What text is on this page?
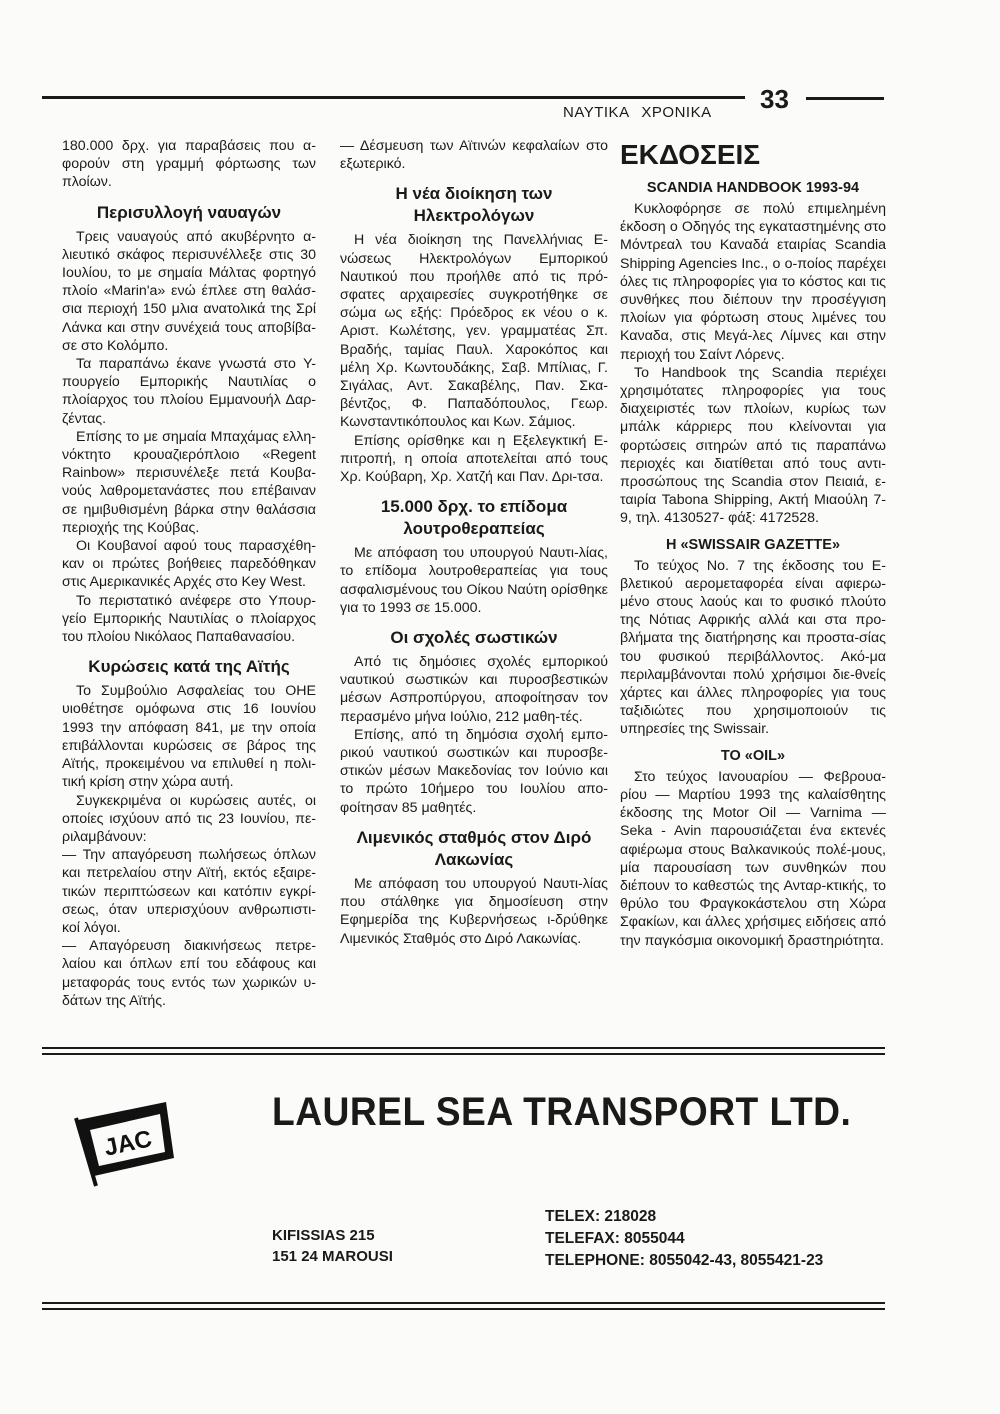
33
ΝΑΥΤΙΚΑ ΧΡΟΝΙΚΑ

180.000 δρχ. για παραβάσεις που α-φορούν στη γραμμή φόρτωσης των πλοίων.

Περισυλλογή ναυαγών

Τρεις ναυαγούς από ακυβέρνητο α-λιευτικό σκάφος περισυνέλλεξε στις 30 Ιουλίου, το με σημαία Μάλτας φορτηγό πλοίο «Marin'a» ενώ έπλεε στη θαλάσ-σια περιοχή 150 μλια ανατολικά της Σρί Λάνκα και στην συνέχειά τους αποβίβα-σε στο Κολόμπο.

Τα παραπάνω έκανε γνωστά στο Υ-πουργείο Εμπορικής Ναυτιλίας ο πλοίαρχος του πλοίου Εμμανουήλ Δαρ-ζέντας.

Επίσης το με σημαία Μπαχάμας ελλη-νόκτητο κρουαζιερόπλοιο «Regent Rainbow» περισυνέλεξε πετά Κουβα-νούς λαθρομετανάστες που επέβαιναν σε ημιβυθισμένη βάρκα στην θαλάσσια περιοχής της Κούβας.

Οι Κουβανοί αφού τους παρασχέθη-καν οι πρώτες βοήθειες παρεδόθηκαν στις Αμερικανικές Αρχές στο Key West.

Το περιστατικό ανέφερε στο Υπουρ-γείο Εμπορικής Ναυτιλίας ο πλοίαρχος του πλοίου Νικόλαος Παπαθανασίου.

Κυρώσεις κατά της Αϊτής

Το Συμβούλιο Ασφαλείας του ΟΗΕ υιοθέτησε ομόφωνα στις 16 Ιουνίου 1993 την απόφαση 841, με την οποία επιβάλλονται κυρώσεις σε βάρος της Αϊτής, προκειμένου να επιλυθεί η πολι-τική κρίση στην χώρα αυτή.

Συγκεκριμένα οι κυρώσεις αυτές, οι οποίες ισχύουν από τις 23 Ιουνίου, πε-ριλαμβάνουν:

— Την απαγόρευση πωλήσεως όπλων και πετρελαίου στην Αϊτή, εκτός εξαιρε-τικών περιπτώσεων και κατόπιν εγκρί-σεως, όταν υπερισχύουν ανθρωπιστι-κοί λόγοι.

— Απαγόρευση διακινήσεως πετρε-λαίου και όπλων επί του εδάφους και μεταφοράς τους εντός των χωρικών υ-δάτων της Αϊτής.

— Δέσμευση των Αϊτινών κεφαλαίων στο εξωτερικό.

Η νέα διοίκηση των Ηλεκτρολόγων

Η νέα διοίκηση της Πανελλήνιας Ε-νώσεως Ηλεκτρολόγων Εμπορικού Ναυτικού που προήλθε από τις πρό-σφατες αρχαιρεσίες συγκροτήθηκε σε σώμα ως εξής: Πρόεδρος εκ νέου ο κ. Αριστ. Κωλέτσης, γεν. γραμματέας Σπ. Βραδής, ταμίας Παυλ. Χαροκόπος και μέλη Χρ. Κωντουδάκης, Σαβ. Μπίλιας, Γ. Σιγάλας, Αντ. Σακαβέλης, Παν. Σκα-βέντζος, Φ. Παπαδόπουλος, Γεωρ. Κωνσταντικόπουλος και Κων. Σάμιος.

Επίσης ορίσθηκε και η Εξελεγκτική Ε-πιτροπή, η οποία αποτελείται από τους Χρ. Κούβαρη, Χρ. Χατζή και Παν. Δρι-τσα.

15.000 δρχ. το επίδομα λουτροθεραπείας

Με απόφαση του υπουργού Ναυτι-λίας, το επίδομα λουτροθεραπείας για τους ασφαλισμένους του Οίκου Ναύτη ορίσθηκε για το 1993 σε 15.000.

Οι σχολές σωστικών

Από τις δημόσιες σχολές εμπορικού ναυτικού σωστικών και πυροσβεστικών μέσων Ασπροπύργου, αποφοίτησαν τον περασμένο μήνα Ιούλιο, 212 μαθη-τές.

Επίσης, από τη δημόσια σχολή εμπο-ρικού ναυτικού σωστικών και πυροσβε-στικών μέσων Μακεδονίας τον Ιούνιο και το πρώτο 10ήμερο του Ιουλίου απο-φοίτησαν 85 μαθητές.

Λιμενικός σταθμός στον Διρό Λακωνίας

Με απόφαση του υπουργού Ναυτι-λίας που στάλθηκε για δημοσίευση στην Εφημερίδα της Κυβερνήσεως ι-δρύθηκε Λιμενικός Σταθμός στο Διρό Λακωνίας.

ΕΚΔΟΣΕΙΣ
SCANDIA HANDBOOK 1993-94

Κυκλοφόρησε σε πολύ επιμελημένη έκδοση ο Οδηγός της εγκαταστημένης στο Μόντρεαλ του Καναδά εταιρίας Scandia Shipping Agencies Inc., ο ο-ποίος παρέχει όλες τις πληροφορίες για το κόστος και τις συνθήκες που διέπουν την προσέγγιση πλοίων για φόρτωση στους λιμένες του Καναδα, στις Μεγά-λες Λίμνες και στην περιοχή του Σαίντ Λόρενς.

Το Handbook της Scandia περιέχει χρησιμότατες πληροφορίες για τους διαχειριστές των πλοίων, κυρίως των μπάλκ κάρριερς που κλείνονται για φορτώσεις σιτηρών από τις παραπάνω περιοχές και διατίθεται από τους αντι-προσώπους της Scandia στον Πειαιά, ε-ταιρία Tabona Shipping, Ακτή Μιαούλη 7-9, τηλ. 4130527- φάξ: 4172528.

Η «SWISSAIR GAZETTE»

Το τεύχος No. 7 της έκδοσης του Ε-βλετικού αερομεταφορέα είναι αφιερω-μένο στους λαούς και το φυσικό πλούτο της Νότιας Αφρικής αλλά και στα προ-βλήματα της διατήρησης και προστα-σίας του φυσικού περιβάλλοντος. Ακό-μα περιλαμβάνονται πολύ χρήσιμοι διε-θνείς χάρτες και άλλες πληροφορίες για τους ταξιδιώτες που χρησιμοποιούν τις υπηρεσίες της Swissair.

ΤΟ «OIL»

Στο τεύχος Ιανουαρίου — Φεβρουα-ρίου — Μαρτίου 1993 της καλαίσθητης έκδοσης της Motor Oil — Varnima — Seka - Avin παρουσιάζεται ένα εκτενές αφιέρωμα στους Βαλκανικούς πολέ-μους, μία παρουσίαση των συνθηκών που διέπουν το καθεστώς της Ανταρ-κτικής, το θρύλο του Φραγκοκάστελου στη Χώρα Σφακίων, και άλλες χρήσιμες ειδήσεις από την παγκόσμια οικονομική δραστηριότητα.

JAC
LAUREL SEA TRANSPORT LTD.
KIFISSIAS 215
151 24 MAROUSI
TELEX: 218028
TELEFAX: 8055044
TELEPHONE: 8055042-43, 8055421-23
